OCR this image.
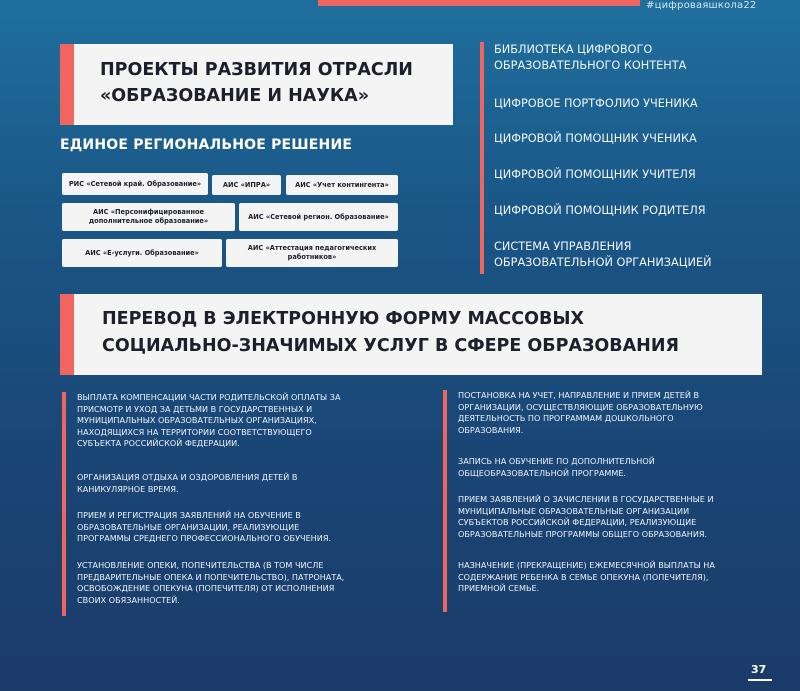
#цифроваяшкола22
ПРОЕКТЫ РАЗВИТИЯ ОТРАСЛИ
«ОБРАЗОВАНИЕ И НАУКА»
ЕДИНОЕ РЕГИОНАЛЬНОЕ РЕШЕНИЕ
РИС «Сетевой край. Образование»	АИС «ИПРА»	АИС «Учет контингента»
АИС «Персонифицированное дополнительное образование»
АИС «Сетевой регион. Образование»
АИС «Е-услуги. Образование»
АИС «Аттестация педагогических работников»
БИБЛИОТЕКА ЦИФРОВОГО
ОБРАЗОВАТЕЛЬНОГО КОНТЕНТА
ЦИФРОВОЕ ПОРТФОЛИО УЧЕНИКА
ЦИФРОВОЙ ПОМОЩНИК УЧЕНИКА
ЦИФРОВОЙ ПОМОЩНИК УЧИТЕЛЯ
ЦИФРОВОЙ ПОМОЩНИК РОДИТЕЛЯ
СИСТЕМА УПРАВЛЕНИЯ
ОБРАЗОВАТЕЛЬНОЙ ОРГАНИЗАЦИЕЙ
ПЕРЕВОД В ЭЛЕКТРОННУЮ ФОРМУ МАССОВЫХ
СОЦИАЛЬНО-ЗНАЧИМЫХ УСЛУГ В СФЕРЕ ОБРАЗОВАНИЯ
ВЫПЛАТА КОМПЕНСАЦИИ ЧАСТИ РОДИТЕЛЬСКОЙ ОПЛАТЫ ЗА
ПРИСМОТР И УХОД ЗА ДЕТЬМИ В ГОСУДАРСТВЕННЫХ И
МУНИЦИПАЛЬНЫХ ОБРАЗОВАТЕЛЬНЫХ ОРГАНИЗАЦИЯХ,
НАХОДЯЩИХСЯ НА ТЕРРИТОРИИ СООТВЕТСТВУЮЩЕГО
СУБЪЕКТА РОССИЙСКОЙ ФЕДЕРАЦИИ.
ОРГАНИЗАЦИЯ ОТДЫХА И ОЗДОРОВЛЕНИЯ ДЕТЕЙ В
КАНИКУЛЯРНОЕ ВРЕМЯ.
ПРИЕМ И РЕГИСТРАЦИЯ ЗАЯВЛЕНИЙ НА ОБУЧЕНИЕ В
ОБРАЗОВАТЕЛЬНЫЕ ОРГАНИЗАЦИИ, РЕАЛИЗУЮЩИЕ
ПРОГРАММЫ СРЕДНЕГО ПРОФЕССИОНАЛЬНОГО ОБУЧЕНИЯ.
УСТАНОВЛЕНИЕ ОПЕКИ, ПОПЕЧИТЕЛЬСТВА (В ТОМ ЧИСЛЕ
ПРЕДВАРИТЕЛЬНЫЕ ОПЕКА И ПОПЕЧИТЕЛЬСТВО), ПАТРОНАТА,
ОСВОБОЖДЕНИЕ ОПЕКУНА (ПОПЕЧИТЕЛЯ) ОТ ИСПОЛНЕНИЯ
СВОИХ ОБЯЗАННОСТЕЙ.
ПОСТАНОВКА НА УЧЕТ, НАПРАВЛЕНИЕ И ПРИЕМ ДЕТЕЙ В
ОРГАНИЗАЦИИ, ОСУЩЕСТВЛЯЮЩИЕ ОБРАЗОВАТЕЛЬНУЮ
ДЕЯТЕЛЬНОСТЬ ПО ПРОГРАММАМ ДОШКОЛЬНОГО
ОБРАЗОВАНИЯ.
ЗАПИСЬ НА ОБУЧЕНИЕ ПО ДОПОЛНИТЕЛЬНОЙ
ОБЩЕОБРАЗОВАТЕЛЬНОЙ ПРОГРАММЕ.
ПРИЕМ ЗАЯВЛЕНИЙ О ЗАЧИСЛЕНИИ В ГОСУДАРСТВЕННЫЕ И
МУНИЦИПАЛЬНЫЕ ОБРАЗОВАТЕЛЬНЫЕ ОРГАНИЗАЦИИ
СУБЪЕКТОВ РОССИЙСКОЙ ФЕДЕРАЦИИ, РЕАЛИЗУЮЩИЕ
ОБРАЗОВАТЕЛЬНЫЕ ПРОГРАММЫ ОБЩЕГО ОБРАЗОВАНИЯ.
НАЗНАЧЕНИЕ (ПРЕКРАЩЕНИЕ) ЕЖЕМЕСЯЧНОЙ ВЫПЛАТЫ НА
СОДЕРЖАНИЕ РЕБЕНКА В СЕМЬЕ ОПЕКУНА (ПОПЕЧИТЕЛЯ),
ПРИЕМНОЙ СЕМЬЕ.
37
